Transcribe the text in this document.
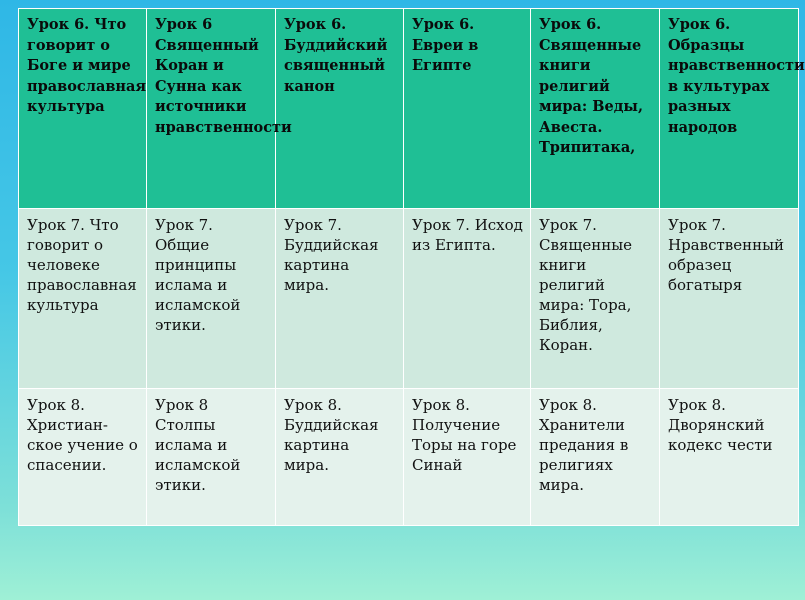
Урок 6. Что говорит о Боге и мире православная культура	Урок 6 Священный Коран и Сунна как источники нравственности	Урок 6. Буддийский священный канон	Урок 6. Евреи в Египте	Урок 6. Священные книги религий мира: Веды, Авеста. Трипитака,	Урок 6. Образцы нравственности в культурах разных народов
Урок 7. Что говорит о человеке православная культура	Урок 7. Общие принципы ислама и исламской этики.	Урок 7. Буддийская картина мира.	Урок 7. Исход из Египта.	Урок 7. Священные книги религий мира: Тора, Библия, Коран.	Урок 7. Нравственный образец богатыря
Урок 8. Христиан-ское учение о спасении.	Урок 8 Столпы ислама и исламской этики.	Урок 8. Буддийская картина мира.	Урок 8. Получение Торы на горе Синай	Урок 8. Хранители предания в религиях мира.	Урок 8. Дворянский кодекс чести
